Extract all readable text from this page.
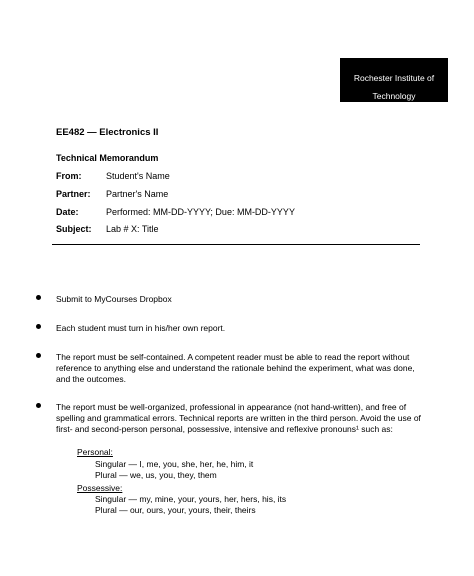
Rochester Institute of
Technology
EE482 — Electronics II
Technical Memorandum
From:	Student's Name
Partner: Partner's Name
Date:	Performed: MM-DD-YYYY; Due: MM-DD-YYYY
Subject: Lab # X: Title
Submit to MyCourses Dropbox
Each student must turn in his/her own report.
The report must be self-contained. A competent reader must be able to read the report without reference to anything else and understand the rationale behind the experiment, what was done, and the outcomes.
The report must be well-organized, professional in appearance (not hand-written), and free of spelling and grammatical errors. Technical reports are written in the third person. Avoid the use of first- and second-person personal, possessive, intensive and reflexive pronouns¹ such as:
Personal:
Singular — I, me, you, she, her, he, him, it
Plural — we, us, you, they, them
Possessive:
Singular — my, mine, your, yours, her, hers, his, its
Plural — our, ours, your, yours, their, theirs
